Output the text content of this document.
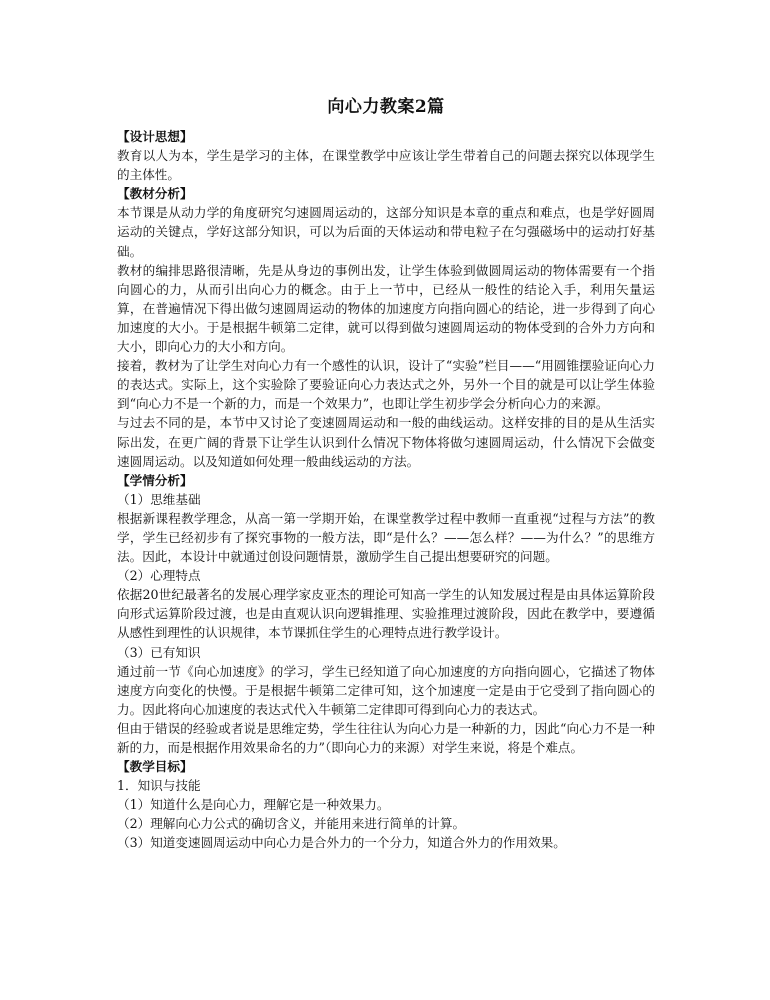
向心力教案2篇

【设计思想】

教育以人为本，学生是学习的主体，在课堂教学中应该让学生带着自己的问题去探究以体现学生的主体性。

【教材分析】

本节课是从动力学的角度研究匀速圆周运动的，这部分知识是本章的重点和难点，也是学好圆周运动的关键点，学好这部分知识，可以为后面的天体运动和带电粒子在匀强磁场中的运动打好基础。

教材的编排思路很清晰，先是从身边的事例出发，让学生体验到做圆周运动的物体需要有一个指向圆心的力，从而引出向心力的概念。由于上一节中，已经从一般性的结论入手，利用矢量运算，在普遍情况下得出做匀速圆周运动的物体的加速度方向指向圆心的结论，进一步得到了向心加速度的大小。于是根据牛顿第二定律，就可以得到做匀速圆周运动的物体受到的合外力方向和大小，即向心力的大小和方向。

接着，教材为了让学生对向心力有一个感性的认识，设计了“实验”栏目——“用圆锥摆验证向心力的表达式。实际上，这个实验除了要验证向心力表达式之外，另外一个目的就是可以让学生体验到“向心力不是一个新的力，而是一个效果力”，也即让学生初步学会分析向心力的来源。

与过去不同的是，本节中又讨论了变速圆周运动和一般的曲线运动。这样安排的目的是从生活实际出发，在更广阔的背景下让学生认识到什么情况下物体将做匀速圆周运动，什么情况下会做变速圆周运动。以及知道如何处理一般曲线运动的方法。

【学情分析】

（1）思维基础

根据新课程教学理念，从高一第一学期开始，在课堂教学过程中教师一直重视“过程与方法”的教学，学生已经初步有了探究事物的一般方法，即“是什么？——怎么样？——为什么？”的思维方法。因此，本设计中就通过创设问题情景，激励学生自己提出想要研究的问题。

（2）心理特点

依据20世纪最著名的发展心理学家皮亚杰的理论可知高一学生的认知发展过程是由具体运算阶段向形式运算阶段过渡，也是由直观认识向逻辑推理、实验推理过渡阶段，因此在教学中，要遵循从感性到理性的认识规律，本节课抓住学生的心理特点进行教学设计。

（3）已有知识

通过前一节《向心加速度》的学习，学生已经知道了向心加速度的方向指向圆心，它描述了物体速度方向变化的快慢。于是根据牛顿第二定律可知，这个加速度一定是由于它受到了指向圆心的力。因此将向心加速度的表达式代入牛顿第二定律即可得到向心力的表达式。

但由于错误的经验或者说是思维定势，学生往往认为向心力是一种新的力，因此“向心力不是一种新的力，而是根据作用效果命名的力”（即向心力的来源）对学生来说，将是个难点。

【教学目标】

1．知识与技能

（1）知道什么是向心力，理解它是一种效果力。

（2）理解向心力公式的确切含义，并能用来进行简单的计算。

（3）知道变速圆周运动中向心力是合外力的一个分力，知道合外力的作用效果。
